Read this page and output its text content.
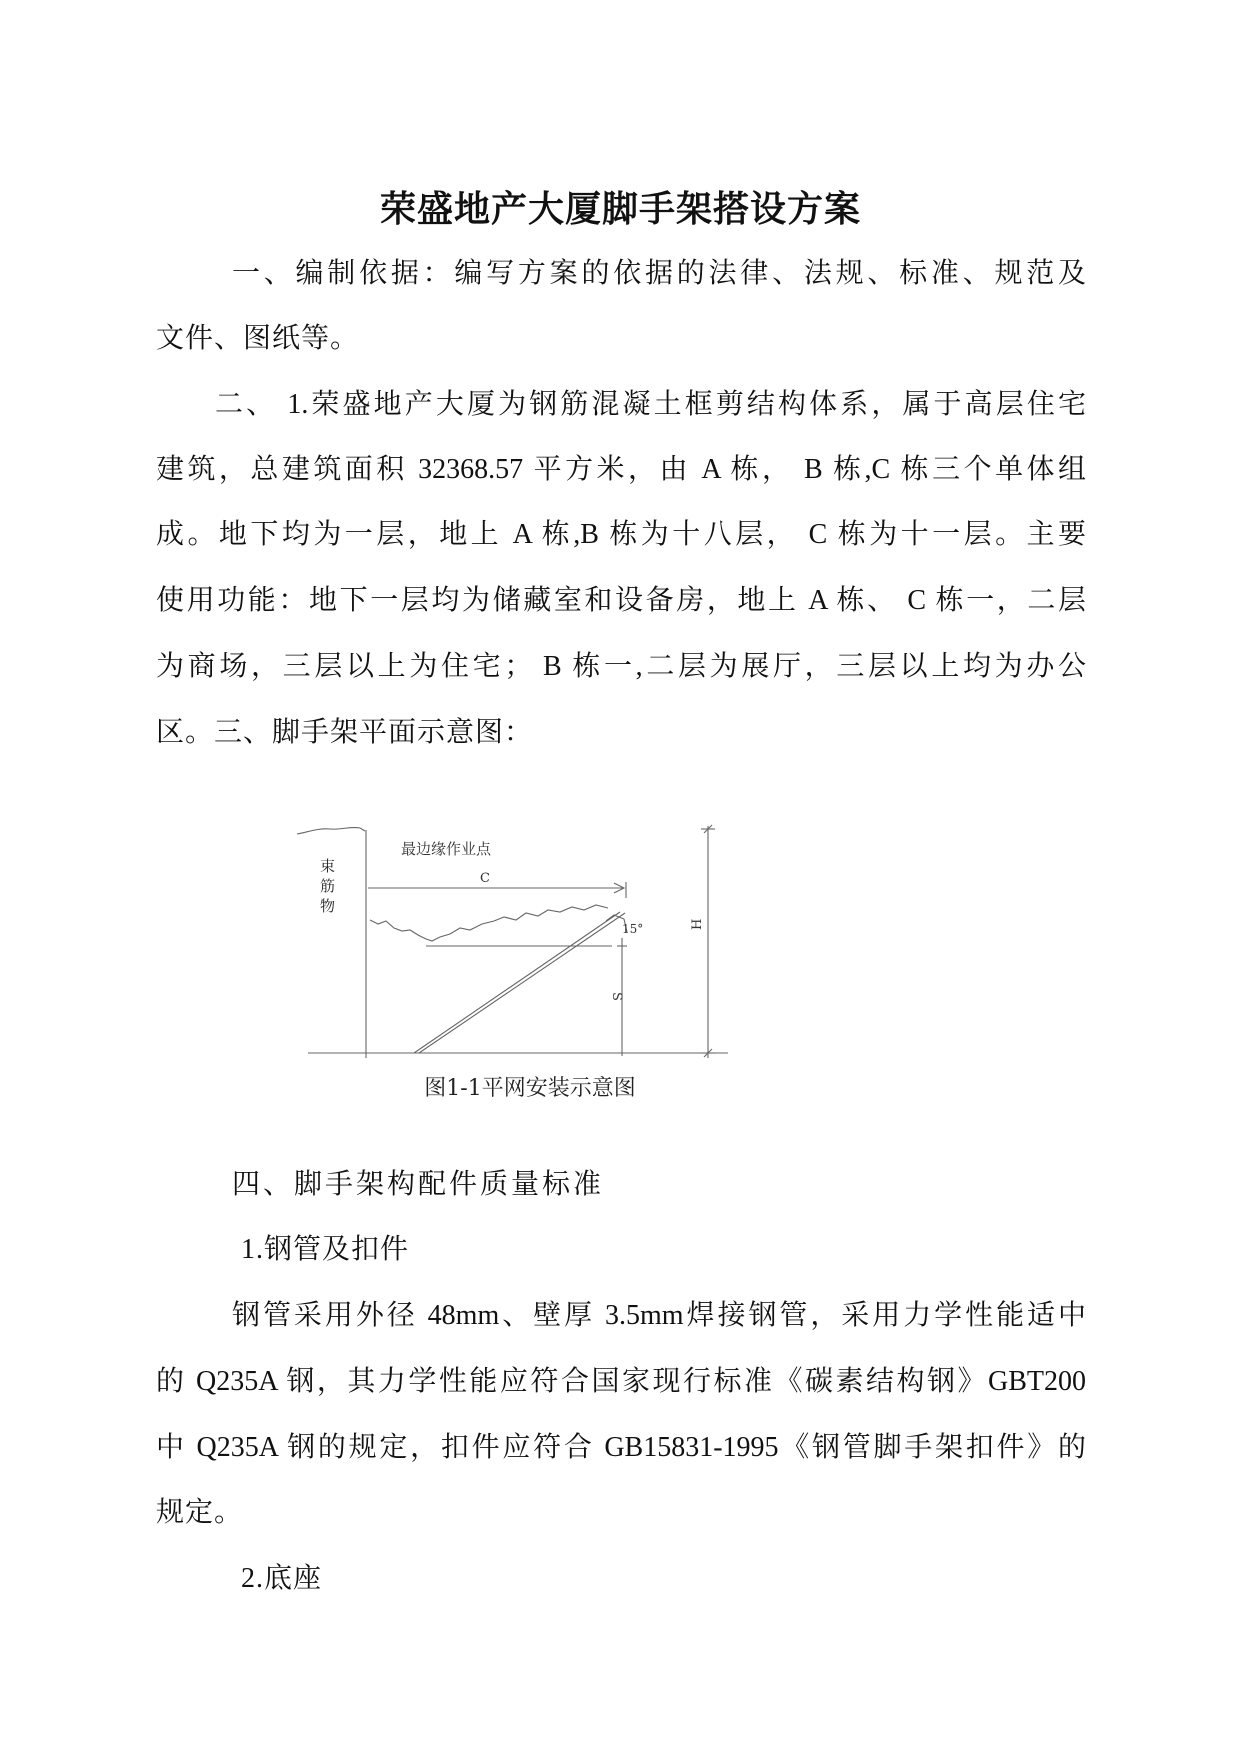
荣盛地产大厦脚手架搭设方案
一、编制依据：编写方案的依据的法律、法规、标准、规范及
文件、图纸等。
二、 1.荣盛地产大厦为钢筋混凝土框剪结构体系，属于高层住宅
建筑，总建筑面积 32368.57 平方米，由 A 栋， B 栋,C 栋三个单体组
成。地下均为一层，地上 A 栋,B 栋为十八层， C 栋为十一层。主要
使用功能：地下一层均为储藏室和设备房，地上 A 栋、 C 栋一，二层
为商场，三层以上为住宅； B 栋一,二层为展厅，三层以上均为办公
区。三、脚手架平面示意图：
H
C
15°
S
最边缘作业点
束筋物
图1-1平网安装示意图
四、脚手架构配件质量标准
1.钢管及扣件
钢管采用外径 48mm、壁厚 3.5mm焊接钢管，采用力学性能适中
的 Q235A 钢，其力学性能应符合国家现行标准《碳素结构钢》GBT200
中 Q235A 钢的规定，扣件应符合 GB15831-1995《钢管脚手架扣件》的
规定。
2.底座
